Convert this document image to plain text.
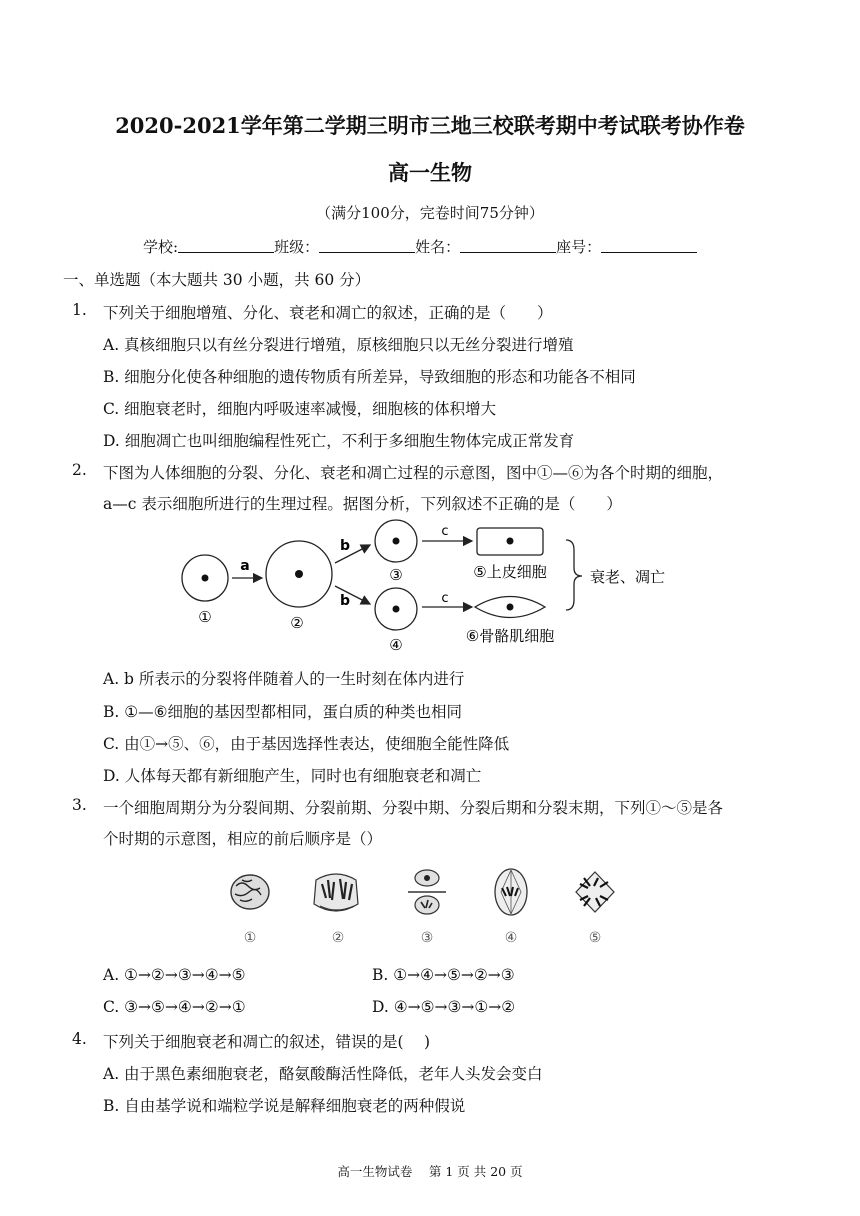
2020-2021学年第二学期三明市三地三校联考期中考试联考协作卷
高一生物
（满分100分，完卷时间75分钟）
学校:	班级：	姓名：	座号：
一、单选题（本大题共 30 小题，共 60 分）
1. 下列关于细胞增殖、分化、衰老和凋亡的叙述，正确的是（　　）
A. 真核细胞只以有丝分裂进行增殖，原核细胞只以无丝分裂进行增殖
B. 细胞分化使各种细胞的遗传物质有所差异，导致细胞的形态和功能各不相同
C. 细胞衰老时，细胞内呼吸速率减慢，细胞核的体积增大
D. 细胞凋亡也叫细胞编程性死亡，不利于多细胞生物体完成正常发育
2. 下图为人体细胞的分裂、分化、衰老和凋亡过程的示意图，图中①—⑥为各个时期的细胞，
a—c 表示细胞所进行的生理过程。据图分析，下列叙述不正确的是（　　）
①
a
②
b
b
③
④
c
c
⑤上皮细胞
⑥骨骼肌细胞
衰老、凋亡
A. b 所表示的分裂将伴随着人的一生时刻在体内进行
B. ①—⑥细胞的基因型都相同，蛋白质的种类也相同
C. 由①→⑤、⑥，由于基因选择性表达，使细胞全能性降低
D. 人体每天都有新细胞产生，同时也有细胞衰老和凋亡
3. 一个细胞周期分为分裂间期、分裂前期、分裂中期、分裂后期和分裂末期，下列①～⑤是各
个时期的示意图，相应的前后顺序是（）
①	②	③	④	⑤
A. ①→②→③→④→⑤	B. ①→④→⑤→②→③
C. ③→⑤→④→②→①	D. ④→⑤→③→①→②
4. 下列关于细胞衰老和凋亡的叙述，错误的是(　 )
A. 由于黑色素细胞衰老，酪氨酸酶活性降低，老年人头发会变白
B. 自由基学说和端粒学说是解释细胞衰老的两种假说
高一生物试卷　 第 1 页 共 20 页
